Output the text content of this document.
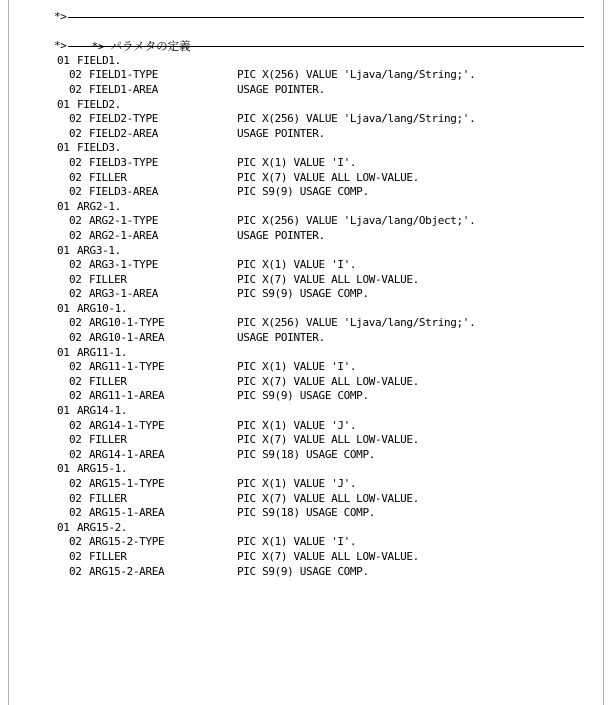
*>

*> パラメタの定義

*>
01 FIELD1.
02 FIELD1-TYPE	PIC X(256) VALUE 'Ljava/lang/String;'.
02 FIELD1-AREA	USAGE POINTER.
01 FIELD2.
02 FIELD2-TYPE	PIC X(256) VALUE 'Ljava/lang/String;'.
02 FIELD2-AREA	USAGE POINTER.
01 FIELD3.
02 FIELD3-TYPE	PIC X(1) VALUE 'I'.
02 FILLER	PIC X(7) VALUE ALL LOW-VALUE.
02 FIELD3-AREA	PIC S9(9) USAGE COMP.
01 ARG2-1.
02 ARG2-1-TYPE	PIC X(256) VALUE 'Ljava/lang/Object;'.
02 ARG2-1-AREA	USAGE POINTER.
01 ARG3-1.
02 ARG3-1-TYPE	PIC X(1) VALUE 'I'.
02 FILLER	PIC X(7) VALUE ALL LOW-VALUE.
02 ARG3-1-AREA	PIC S9(9) USAGE COMP.
01 ARG10-1.
02 ARG10-1-TYPE	PIC X(256) VALUE 'Ljava/lang/String;'.
02 ARG10-1-AREA	USAGE POINTER.
01 ARG11-1.
02 ARG11-1-TYPE	PIC X(1) VALUE 'I'.
02 FILLER	PIC X(7) VALUE ALL LOW-VALUE.
02 ARG11-1-AREA	PIC S9(9) USAGE COMP.
01 ARG14-1.
02 ARG14-1-TYPE	PIC X(1) VALUE 'J'.
02 FILLER	PIC X(7) VALUE ALL LOW-VALUE.
02 ARG14-1-AREA	PIC S9(18) USAGE COMP.
01 ARG15-1.
02 ARG15-1-TYPE	PIC X(1) VALUE 'J'.
02 FILLER	PIC X(7) VALUE ALL LOW-VALUE.
02 ARG15-1-AREA	PIC S9(18) USAGE COMP.
01 ARG15-2.
02 ARG15-2-TYPE	PIC X(1) VALUE 'I'.
02 FILLER	PIC X(7) VALUE ALL LOW-VALUE.
02 ARG15-2-AREA	PIC S9(9) USAGE COMP.
